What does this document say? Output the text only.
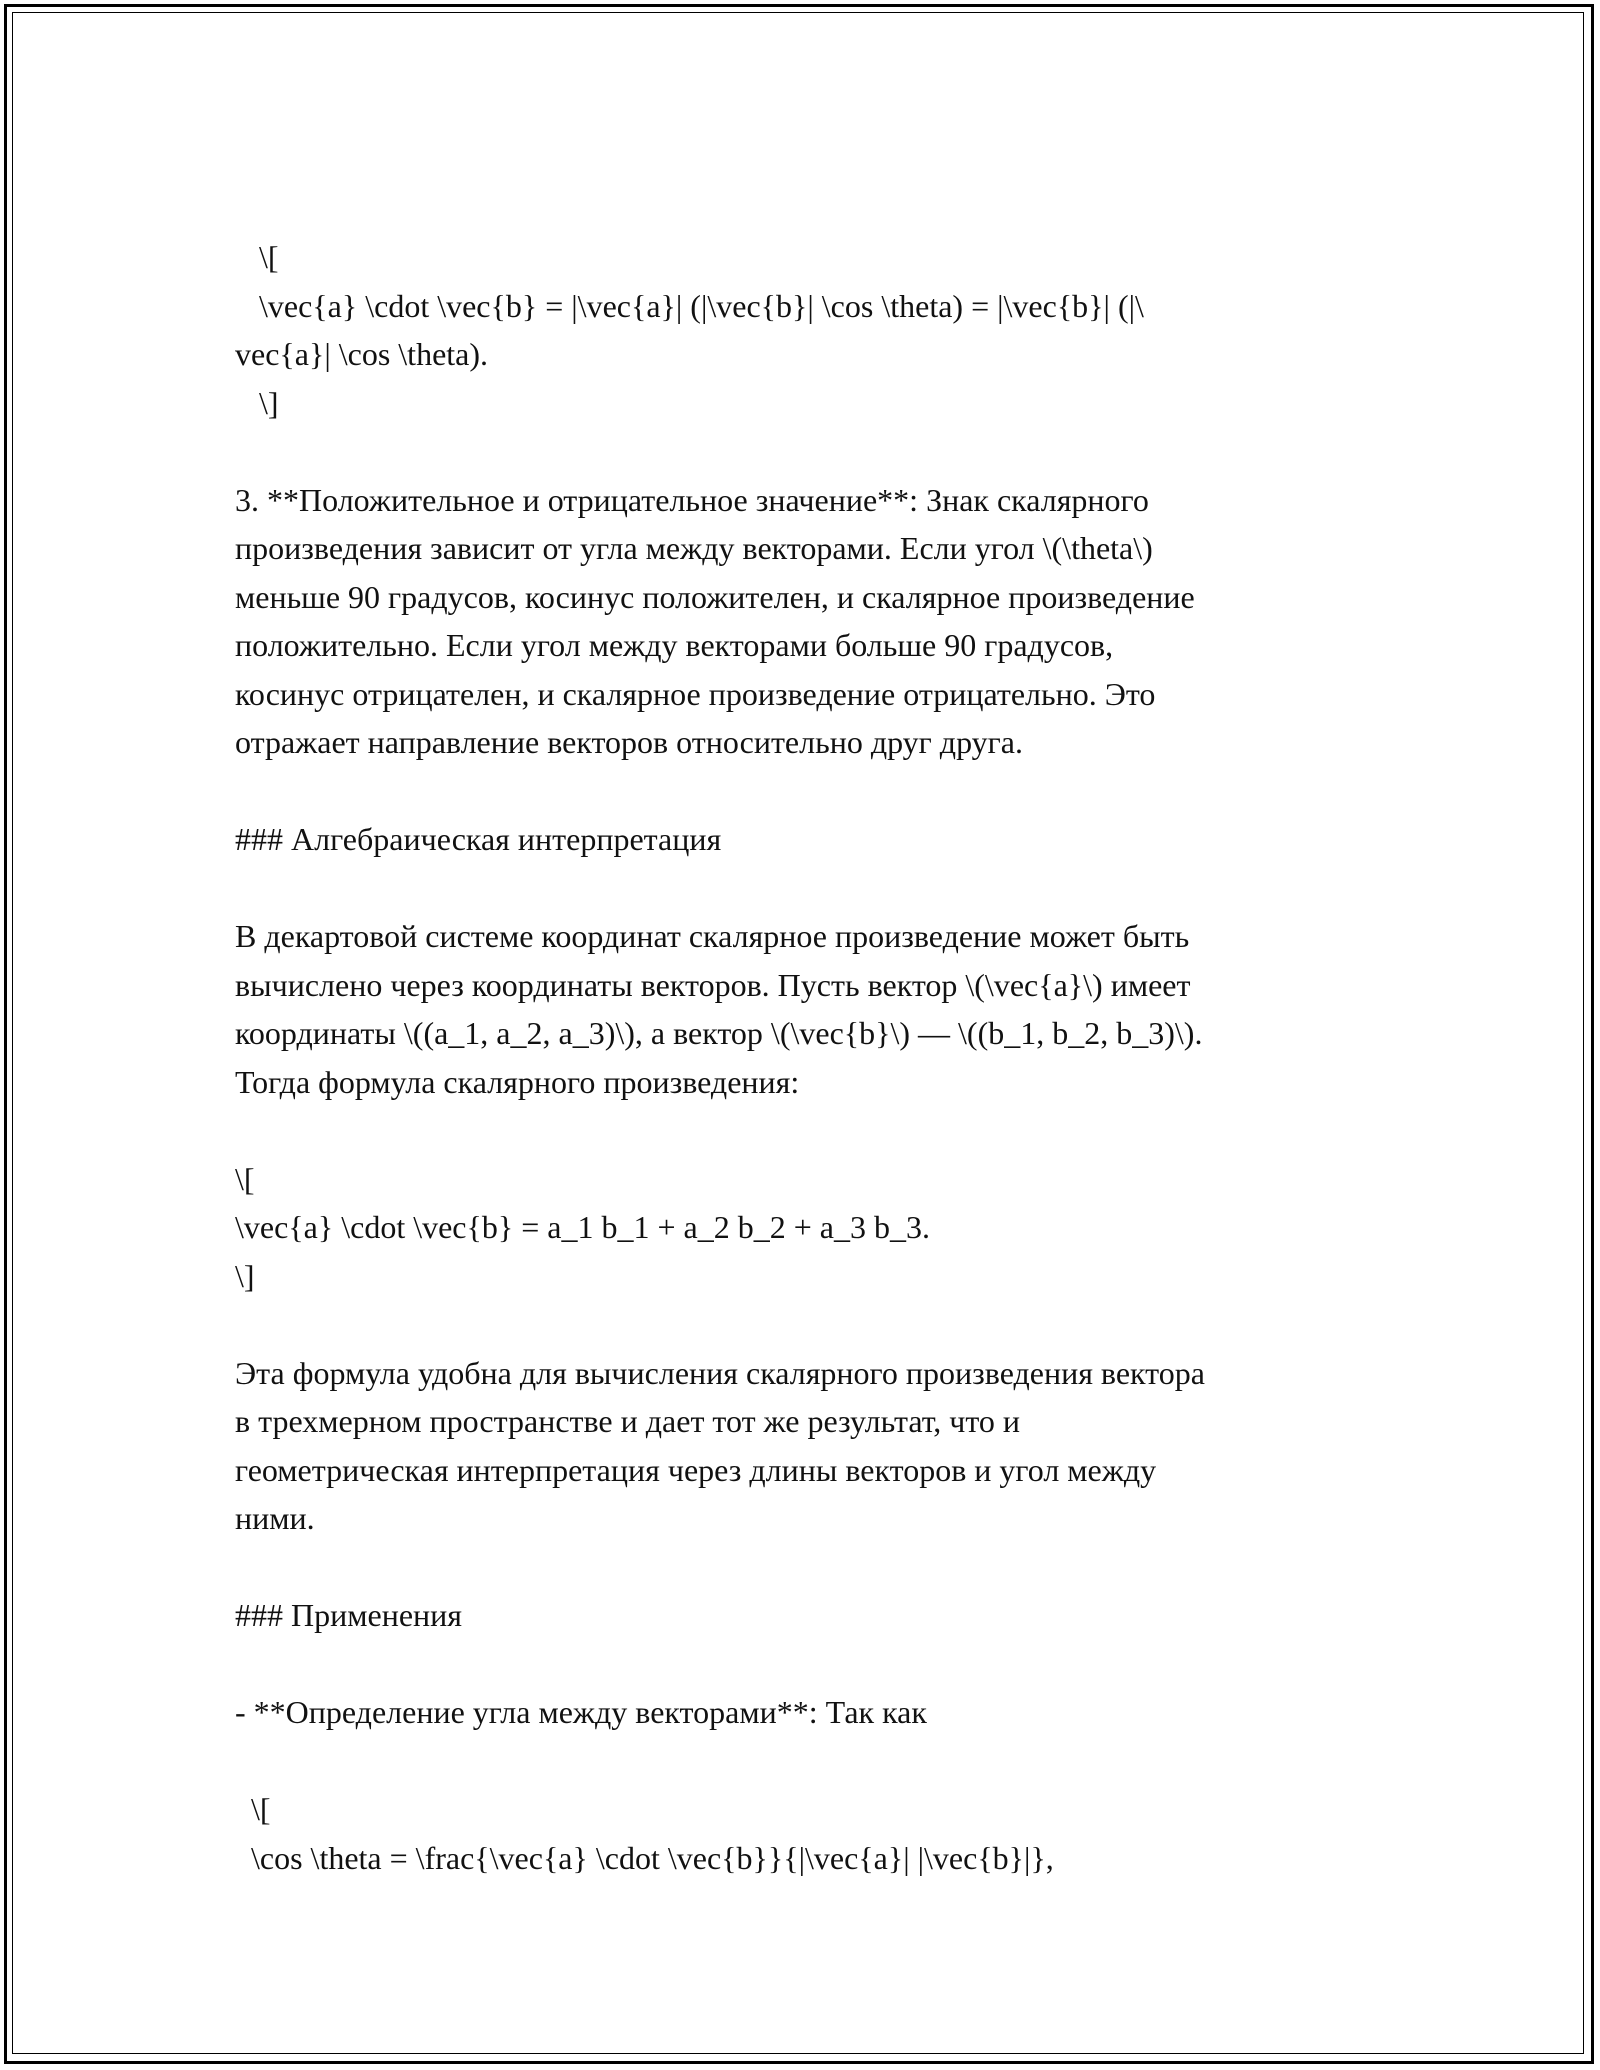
\[
\vec{a} \cdot \vec{b} = |\vec{a}| (|\vec{b}| \cos \theta) = |\vec{b}| (|\
vec{a}| \cos \theta).
\]
3. **Положительное и отрицательное значение**: Знак скалярного
произведения зависит от угла между векторами. Если угол \(\theta\)
меньше 90 градусов, косинус положителен, и скалярное произведение
положительно. Если угол между векторами больше 90 градусов,
косинус отрицателен, и скалярное произведение отрицательно. Это
отражает направление векторов относительно друг друга.
### Алгебраическая интерпретация
В декартовой системе координат скалярное произведение может быть
вычислено через координаты векторов. Пусть вектор \(\vec{a}\) имеет
координаты \((a_1, a_2, a_3)\), а вектор \(\vec{b}\) — \((b_1, b_2, b_3)\).
Тогда формула скалярного произведения:
\[
\vec{a} \cdot \vec{b} = a_1 b_1 + a_2 b_2 + a_3 b_3.
\]
Эта формула удобна для вычисления скалярного произведения вектора
в трехмерном пространстве и дает тот же результат, что и
геометрическая интерпретация через длины векторов и угол между
ними.
### Применения
- **Определение угла между векторами**: Так как
\[
\cos \theta = \frac{\vec{a} \cdot \vec{b}}{|\vec{a}| |\vec{b}|},
